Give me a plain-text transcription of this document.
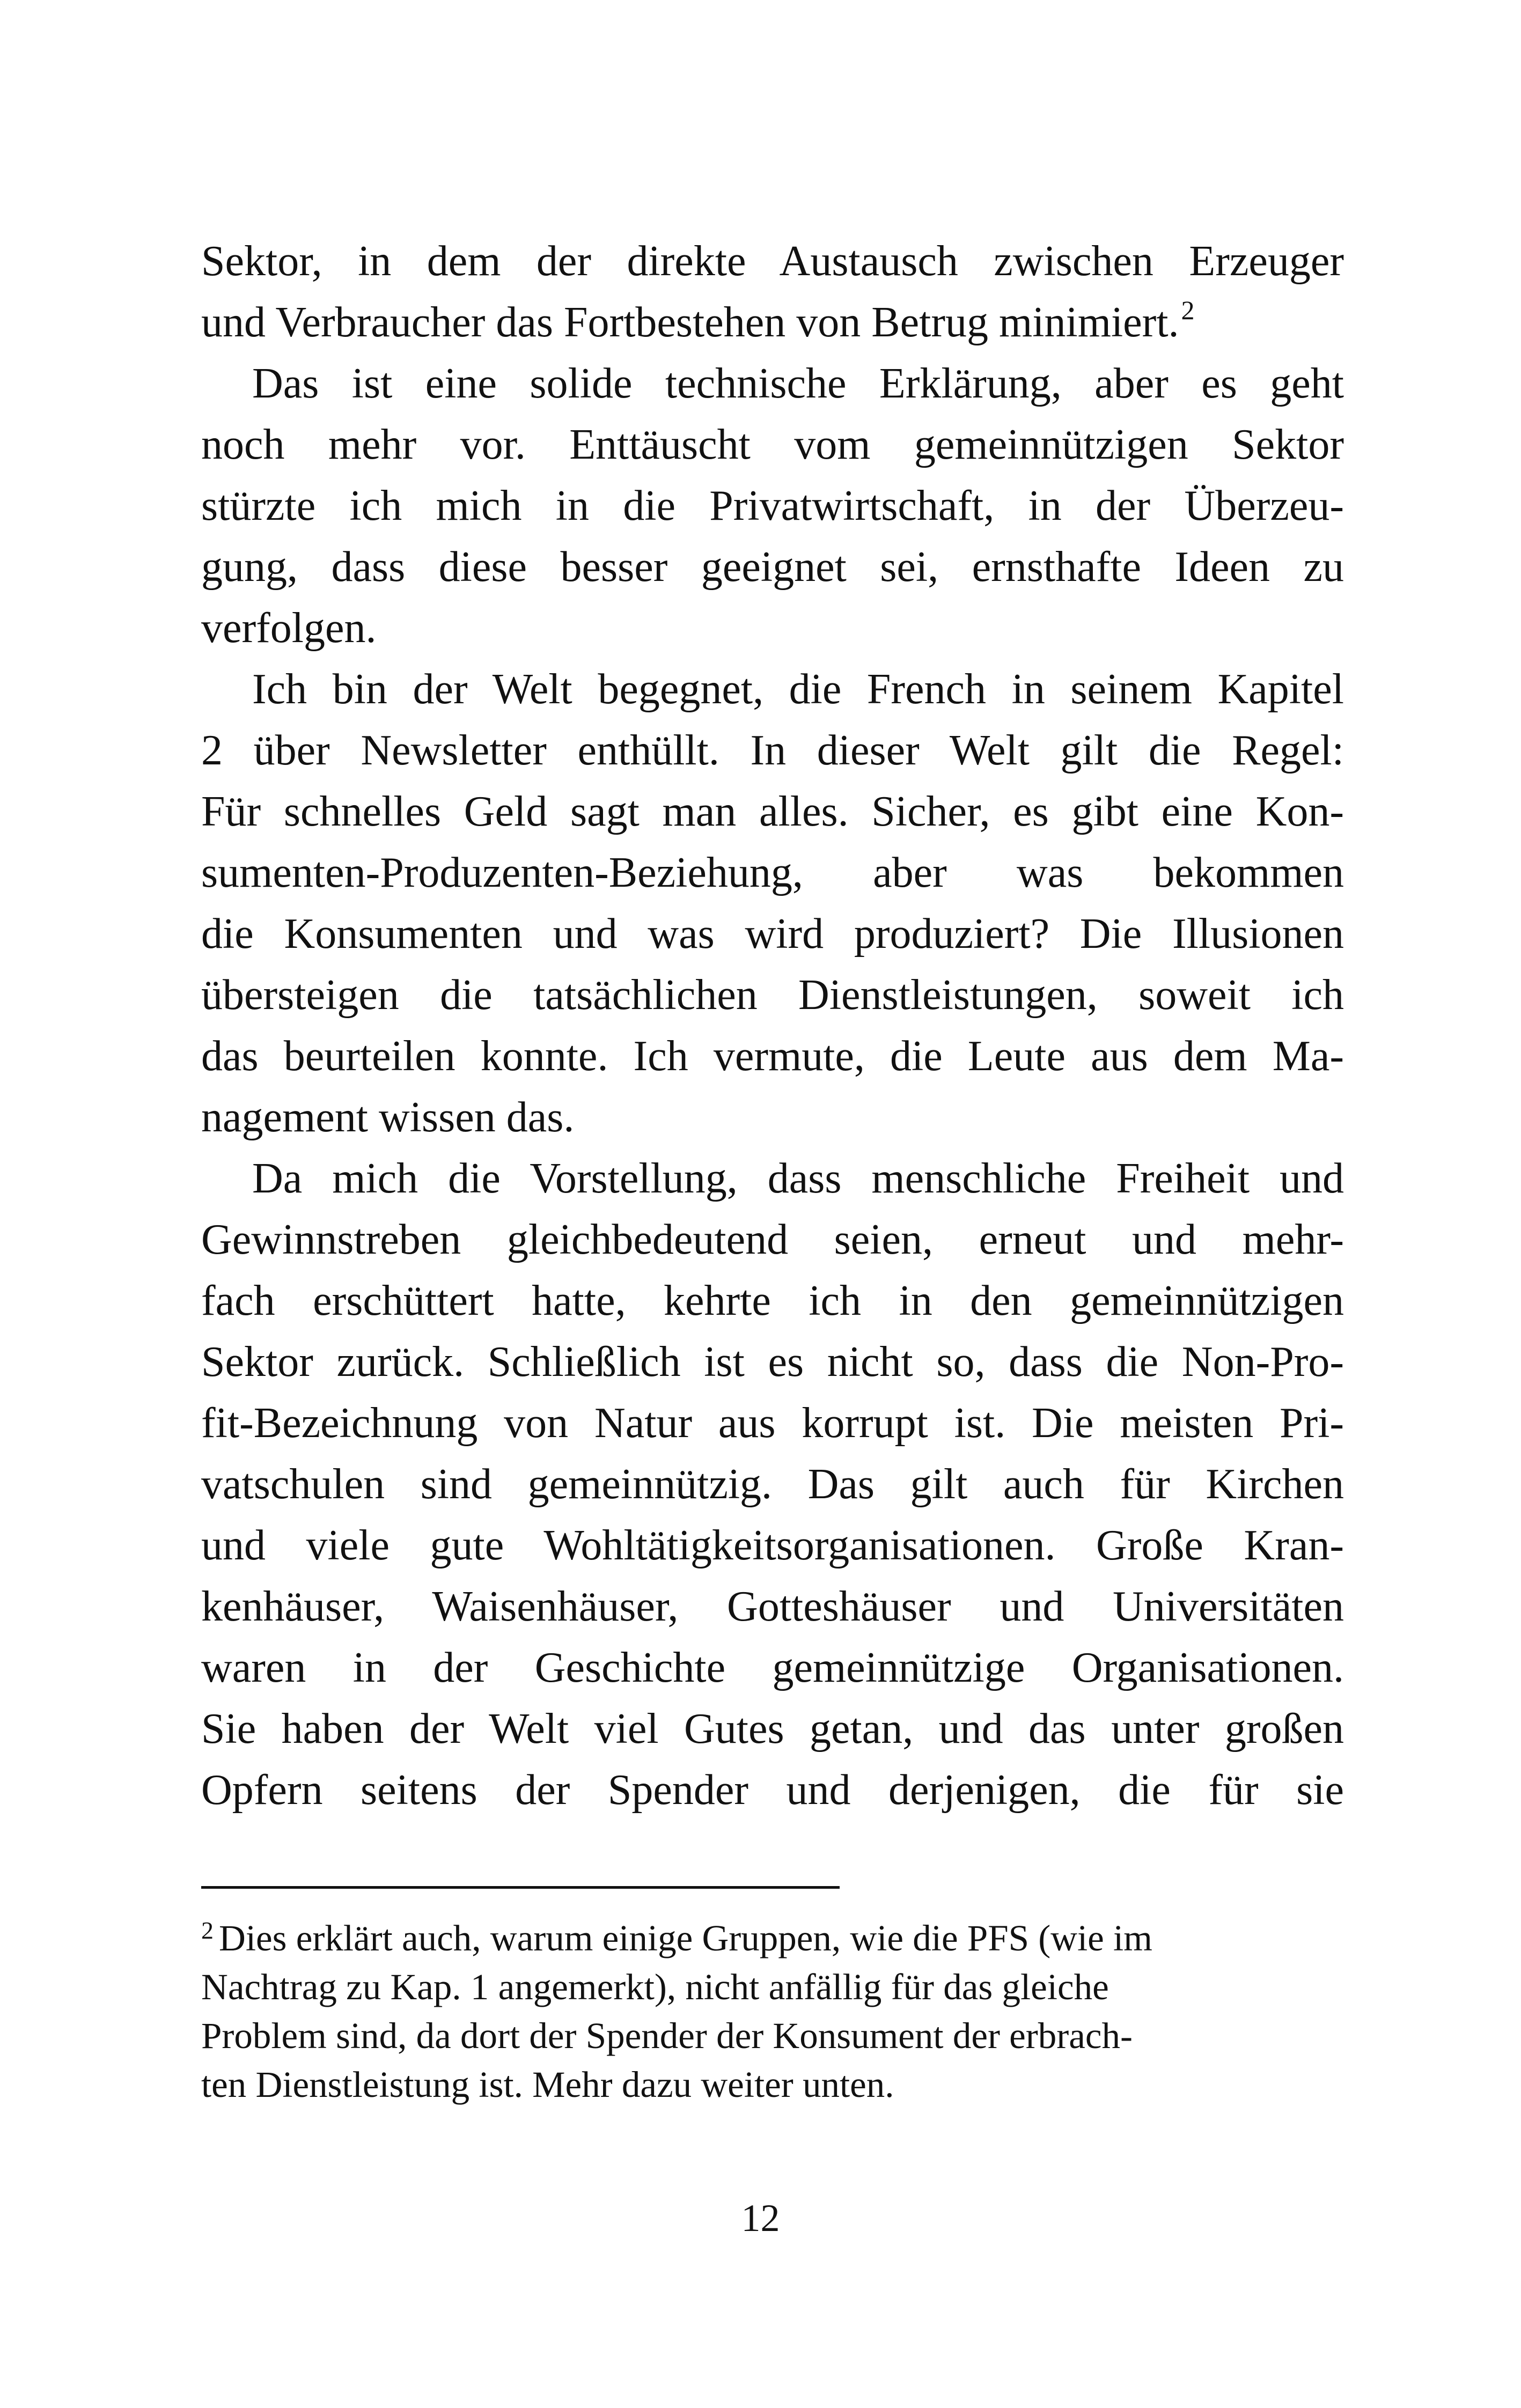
Sektor, in dem der direkte Austausch zwischen Erzeuger
und Verbraucher das Fortbestehen von Betrug minimiert.$^2$
Das ist eine solide technische Erklärung, aber es geht
noch mehr vor. Enttäuscht vom gemeinnützigen Sektor
stürzte ich mich in die Privatwirtschaft, in der Überzeu-
gung, dass diese besser geeignet sei, ernsthafte Ideen zu
verfolgen.
Ich bin der Welt begegnet, die French in seinem Kapitel
2 über Newsletter enthüllt. In dieser Welt gilt die Regel:
Für schnelles Geld sagt man alles. Sicher, es gibt eine Kon-
sumenten-Produzenten-Beziehung, aber was bekommen
die Konsumenten und was wird produziert? Die Illusionen
übersteigen die tatsächlichen Dienstleistungen, soweit ich
das beurteilen konnte. Ich vermute, die Leute aus dem Ma-
nagement wissen das.
Da mich die Vorstellung, dass menschliche Freiheit und
Gewinnstreben gleichbedeutend seien, erneut und mehr-
fach erschüttert hatte, kehrte ich in den gemeinnützigen
Sektor zurück. Schließlich ist es nicht so, dass die Non-Pro-
fit-Bezeichnung von Natur aus korrupt ist. Die meisten Pri-
vatschulen sind gemeinnützig. Das gilt auch für Kirchen
und viele gute Wohltätigkeitsorganisationen. Große Kran-
kenhäuser, Waisenhäuser, Gotteshäuser und Universitäten
waren in der Geschichte gemeinnützige Organisationen.
Sie haben der Welt viel Gutes getan, und das unter großen
Opfern seitens der Spender und derjenigen, die für sie
$^2$ Dies erklärt auch, warum einige Gruppen, wie die PFS (wie im
Nachtrag zu Kap. 1 angemerkt), nicht anfällig für das gleiche
Problem sind, da dort der Spender der Konsument der erbrach-
ten Dienstleistung ist. Mehr dazu weiter unten.
12
